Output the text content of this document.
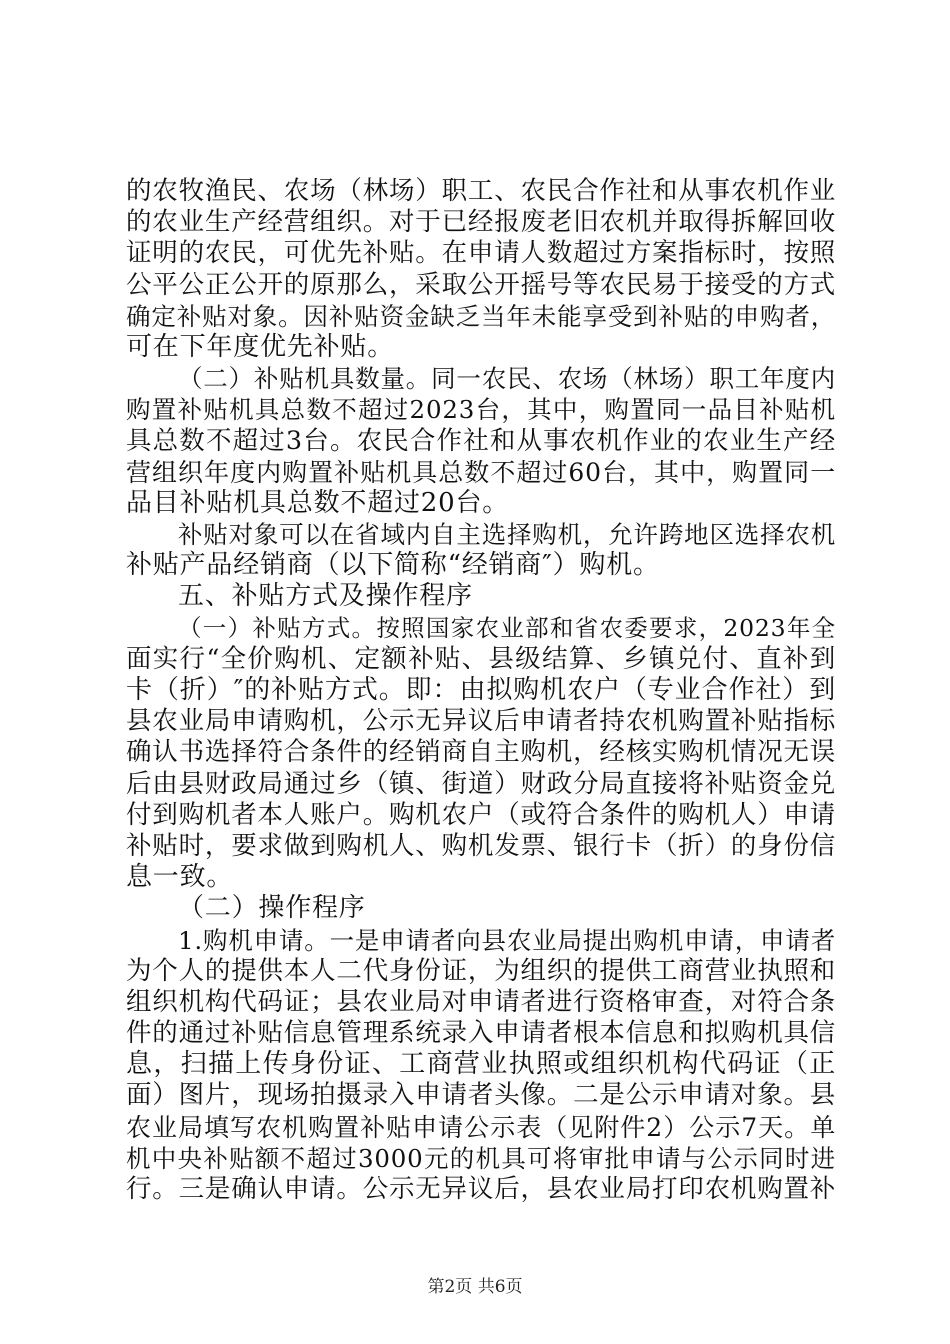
的农牧渔民、农场（林场）职工、农民合作社和从事农机作业
的农业生产经营组织。对于已经报废老旧农机并取得拆解回收
证明的农民，可优先补贴。在申请人数超过方案指标时，按照
公平公正公开的原那么，采取公开摇号等农民易于接受的方式
确定补贴对象。因补贴资金缺乏当年未能享受到补贴的申购者，
可在下年度优先补贴。
（二）补贴机具数量。同一农民、农场（林场）职工年度内
购置补贴机具总数不超过2023台，其中，购置同一品目补贴机
具总数不超过3台。农民合作社和从事农机作业的农业生产经
营组织年度内购置补贴机具总数不超过60台，其中，购置同一
品目补贴机具总数不超过20台。
补贴对象可以在省域内自主选择购机，允许跨地区选择农机
补贴产品经销商（以下简称“经销商″）购机。
五、补贴方式及操作程序
（一）补贴方式。按照国家农业部和省农委要求，2023年全
面实行“全价购机、定额补贴、县级结算、乡镇兑付、直补到
卡（折）″的补贴方式。即：由拟购机农户（专业合作社）到
县农业局申请购机，公示无异议后申请者持农机购置补贴指标
确认书选择符合条件的经销商自主购机，经核实购机情况无误
后由县财政局通过乡（镇、街道）财政分局直接将补贴资金兑
付到购机者本人账户。购机农户（或符合条件的购机人）申请
补贴时，要求做到购机人、购机发票、银行卡（折）的身份信
息一致。
（二）操作程序
1.购机申请。一是申请者向县农业局提出购机申请，申请者
为个人的提供本人二代身份证，为组织的提供工商营业执照和
组织机构代码证；县农业局对申请者进行资格审查，对符合条
件的通过补贴信息管理系统录入申请者根本信息和拟购机具信
息，扫描上传身份证、工商营业执照或组织机构代码证（正
面）图片，现场拍摄录入申请者头像。二是公示申请对象。县
农业局填写农机购置补贴申请公示表（见附件2）公示7天。单
机中央补贴额不超过3000元的机具可将审批申请与公示同时进
行。三是确认申请。公示无异议后，县农业局打印农机购置补
第2页 共6页
